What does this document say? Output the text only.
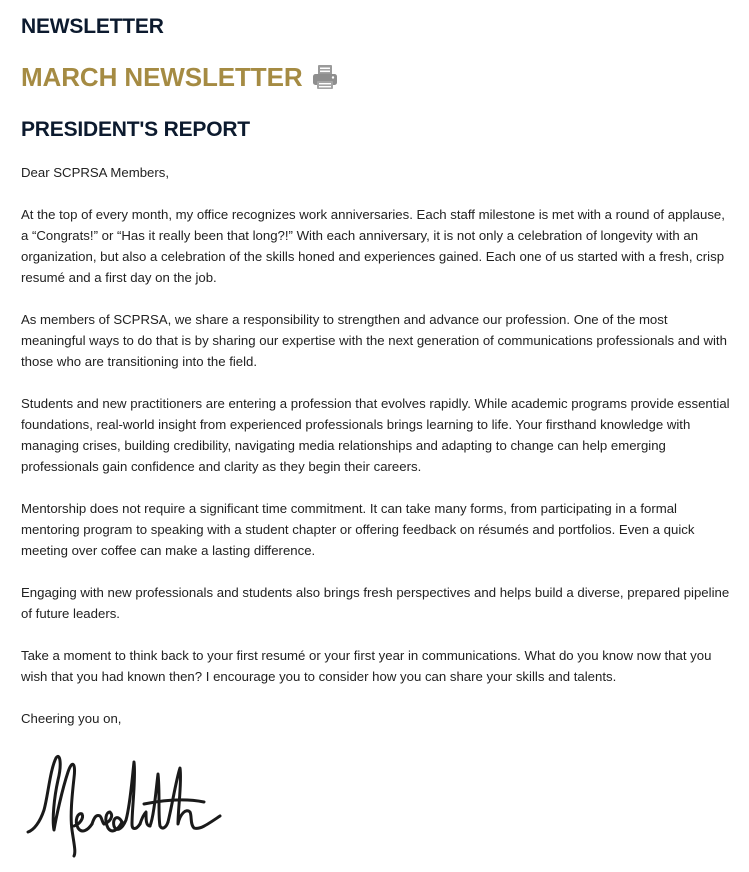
NEWSLETTER
MARCH NEWSLETTER
PRESIDENT'S REPORT

Dear SCPRSA Members,

At the top of every month, my office recognizes work anniversaries. Each staff milestone is met with a round of applause, a “Congrats!” or “Has it really been that long?!” With each anniversary, it is not only a celebration of longevity with an organization, but also a celebration of the skills honed and experiences gained. Each one of us started with a fresh, crisp resumé and a first day on the job.

As members of SCPRSA, we share a responsibility to strengthen and advance our profession. One of the most meaningful ways to do that is by sharing our expertise with the next generation of communications professionals and with those who are transitioning into the field.

Students and new practitioners are entering a profession that evolves rapidly. While academic programs provide essential foundations, real-world insight from experienced professionals brings learning to life. Your firsthand knowledge with managing crises, building credibility, navigating media relationships and adapting to change can help emerging professionals gain confidence and clarity as they begin their careers.

Mentorship does not require a significant time commitment. It can take many forms, from participating in a formal mentoring program to speaking with a student chapter or offering feedback on résumés and portfolios. Even a quick meeting over coffee can make a lasting difference.

Engaging with new professionals and students also brings fresh perspectives and helps build a diverse, prepared pipeline of future leaders.

Take a moment to think back to your first resumé or your first year in communications. What do you know now that you wish that you had known then? I encourage you to consider how you can share your skills and talents.

Cheering you on,
